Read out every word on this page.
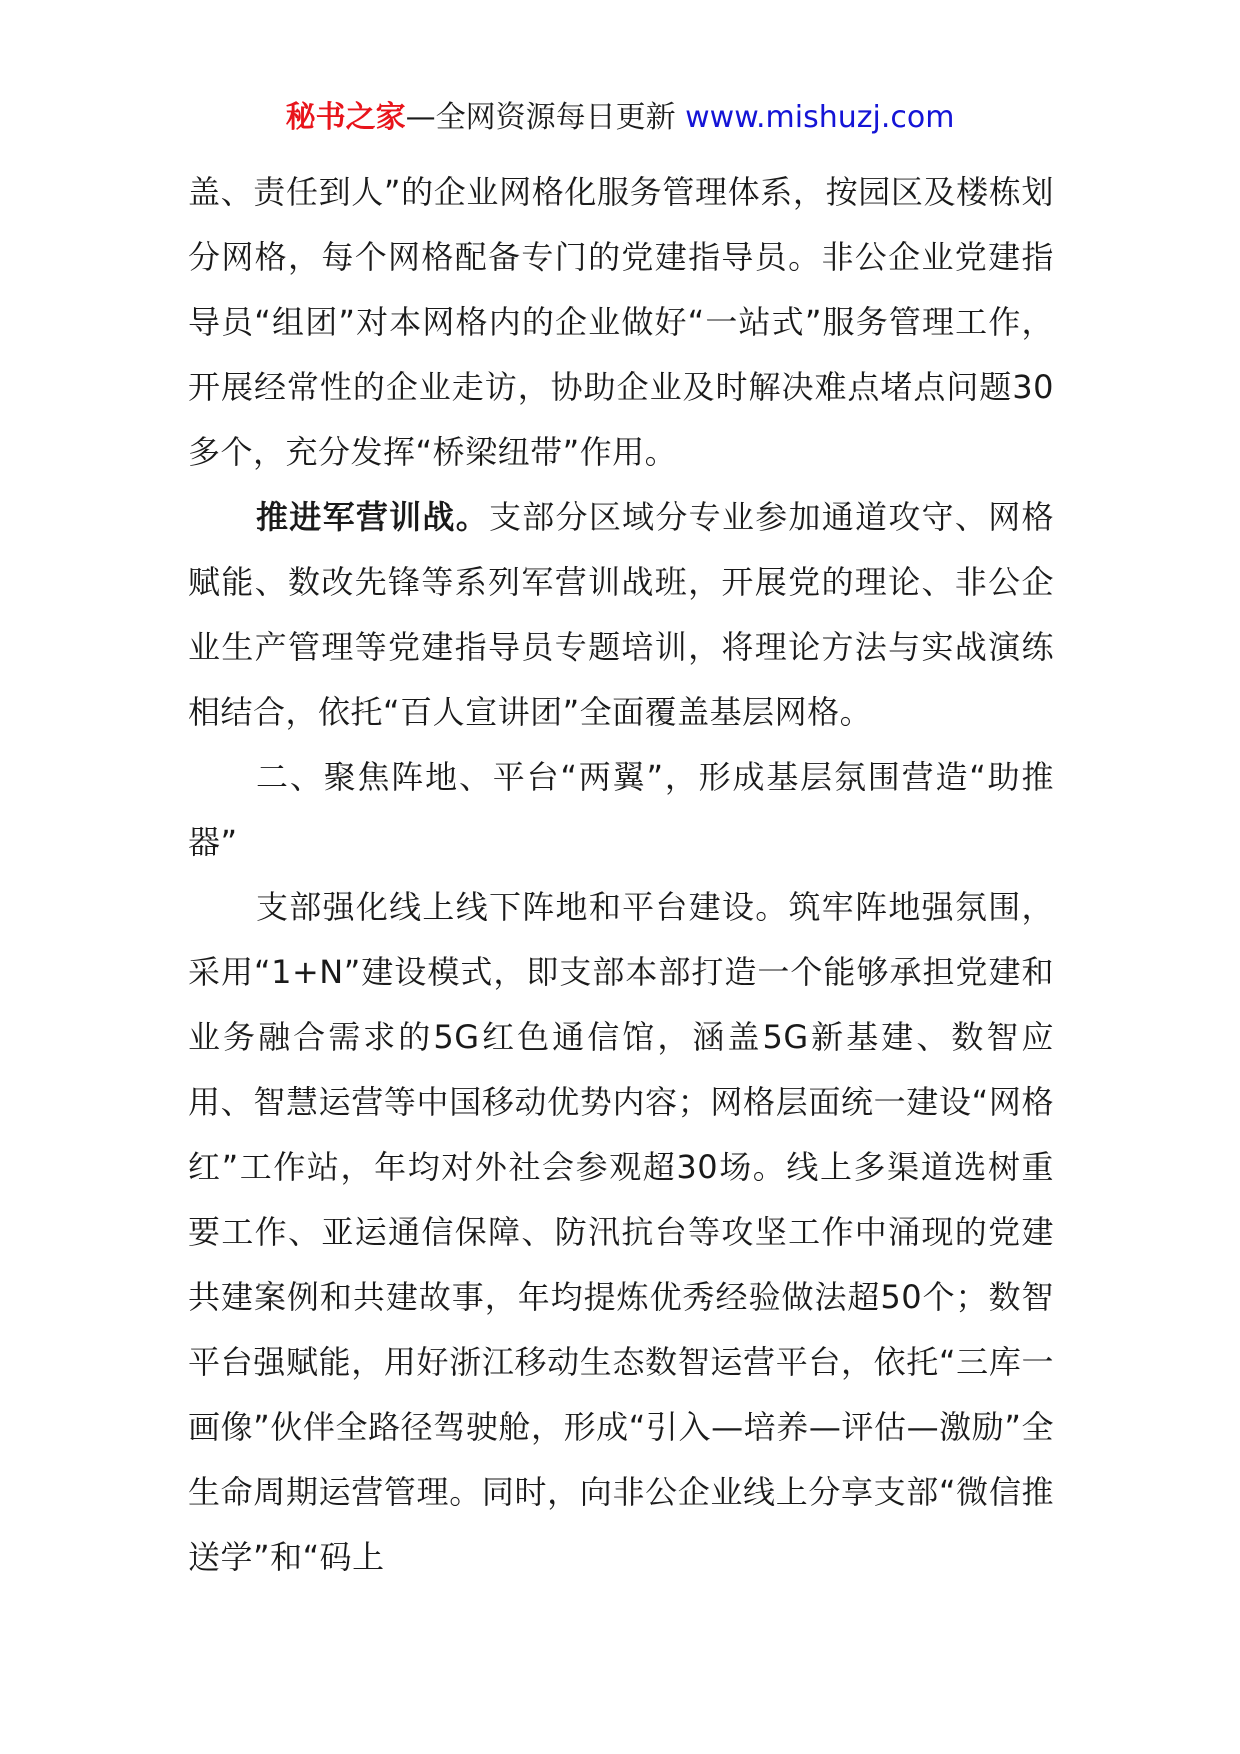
秘书之家—全网资源每日更新 www.mishuzj.com

盖、责任到人”的企业网格化服务管理体系，按园区及楼栋划分网格，每个网格配备专门的党建指导员。非公企业党建指导员“组团”对本网格内的企业做好“一站式”服务管理工作，开展经常性的企业走访，协助企业及时解决难点堵点问题30多个，充分发挥“桥梁纽带”作用。

推进军营训战。支部分区域分专业参加通道攻守、网格赋能、数改先锋等系列军营训战班，开展党的理论、非公企业生产管理等党建指导员专题培训，将理论方法与实战演练相结合，依托“百人宣讲团”全面覆盖基层网格。

二、聚焦阵地、平台“两翼”，形成基层氛围营造“助推器”

支部强化线上线下阵地和平台建设。筑牢阵地强氛围，采用“1+N”建设模式，即支部本部打造一个能够承担党建和业务融合需求的5G红色通信馆，涵盖5G新基建、数智应用、智慧运营等中国移动优势内容；网格层面统一建设“网格红”工作站，年均对外社会参观超30场。线上多渠道选树重要工作、亚运通信保障、防汛抗台等攻坚工作中涌现的党建共建案例和共建故事，年均提炼优秀经验做法超50个；数智平台强赋能，用好浙江移动生态数智运营平台，依托“三库一画像”伙伴全路径驾驶舱，形成“引入—培养—评估—激励”全生命周期运营管理。同时，向非公企业线上分享支部“微信推送学”和“码上
